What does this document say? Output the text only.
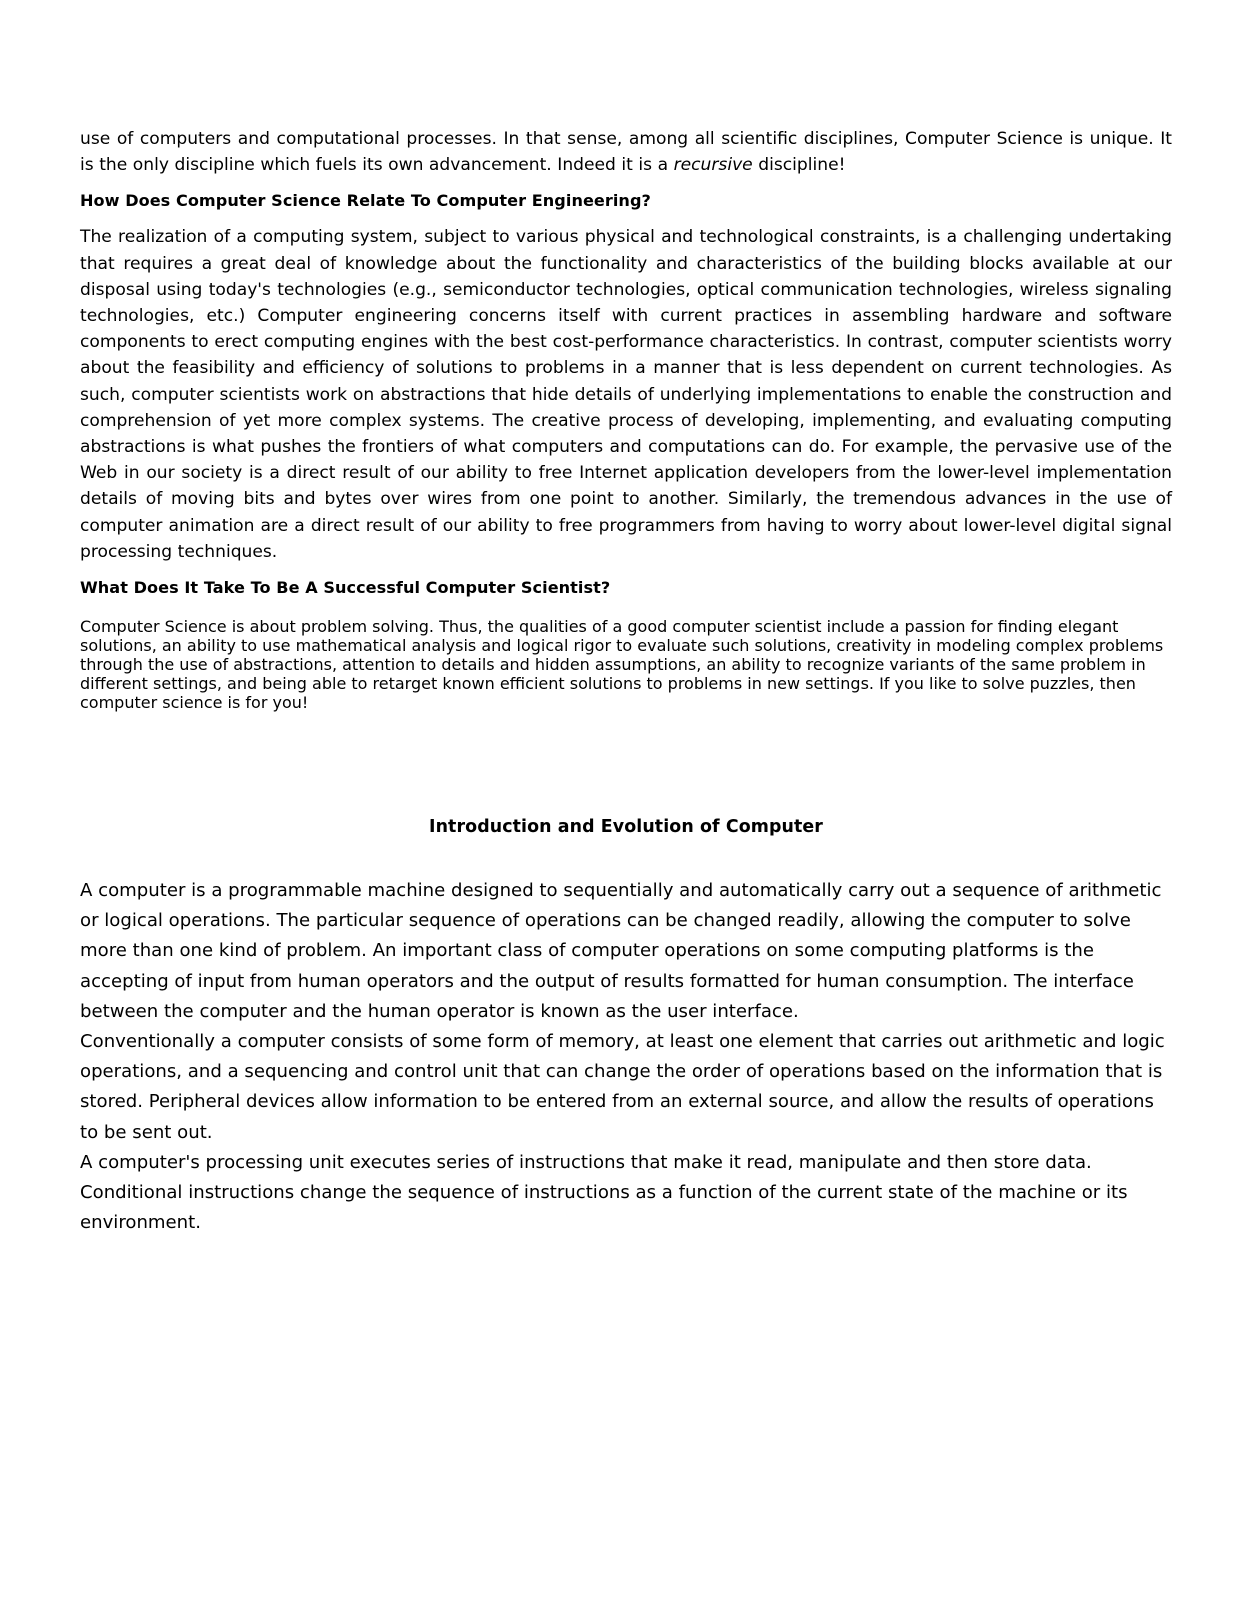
use of computers and computational processes. In that sense, among all scientific disciplines, Computer Science is unique. It is the only discipline which fuels its own advancement. Indeed it is a recursive discipline!

How Does Computer Science Relate To Computer Engineering?

The realization of a computing system, subject to various physical and technological constraints, is a challenging undertaking that requires a great deal of knowledge about the functionality and characteristics of the building blocks available at our disposal using today's technologies (e.g., semiconductor technologies, optical communication technologies, wireless signaling technologies, etc.) Computer engineering concerns itself with current practices in assembling hardware and software components to erect computing engines with the best cost-performance characteristics. In contrast, computer scientists worry about the feasibility and efficiency of solutions to problems in a manner that is less dependent on current technologies. As such, computer scientists work on abstractions that hide details of underlying implementations to enable the construction and comprehension of yet more complex systems. The creative process of developing, implementing, and evaluating computing abstractions is what pushes the frontiers of what computers and computations can do. For example, the pervasive use of the Web in our society is a direct result of our ability to free Internet application developers from the lower-level implementation details of moving bits and bytes over wires from one point to another. Similarly, the tremendous advances in the use of computer animation are a direct result of our ability to free programmers from having to worry about lower-level digital signal processing techniques.

What Does It Take To Be A Successful Computer Scientist?

Computer Science is about problem solving. Thus, the qualities of a good computer scientist include a passion for finding elegant solutions, an ability to use mathematical analysis and logical rigor to evaluate such solutions, creativity in modeling complex problems through the use of abstractions, attention to details and hidden assumptions, an ability to recognize variants of the same problem in different settings, and being able to retarget known efficient solutions to problems in new settings. If you like to solve puzzles, then computer science is for you!

Introduction and Evolution of Computer

A computer is a programmable machine designed to sequentially and automatically carry out a sequence of arithmetic or logical operations. The particular sequence of operations can be changed readily, allowing the computer to solve more than one kind of problem. An important class of computer operations on some computing platforms is the accepting of input from human operators and the output of results formatted for human consumption. The interface between the computer and the human operator is known as the user interface.

Conventionally a computer consists of some form of memory, at least one element that carries out arithmetic and logic operations, and a sequencing and control unit that can change the order of operations based on the information that is stored. Peripheral devices allow information to be entered from an external source, and allow the results of operations to be sent out.

A computer's processing unit executes series of instructions that make it read, manipulate and then store data. Conditional instructions change the sequence of instructions as a function of the current state of the machine or its environment.
